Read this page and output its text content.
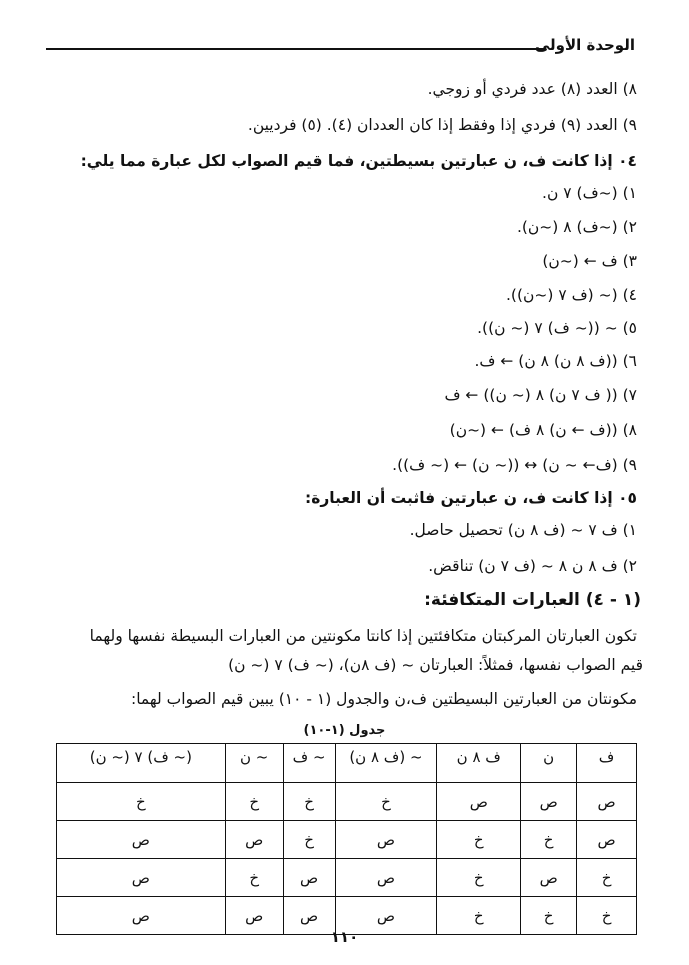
الوحدة الأولى
٨) العدد (٨) عدد فردي أو زوجي.
٩) العدد (٩) فردي إذا وفقط إذا كان العددان (٤). (٥) فرديين.
٠٤ إذا كانت ف، ن عبارتين بسيطتين، فما قيم الصواب لكل عبارة مما يلي:
١) (~ف) ٧ ن.
٢) (~ف) ٨ (~ن).
٣) ف ← (~ن)
٤) (~ (ف ٧ (~ن)).
٥) ~ ((~ ف) ٧ (~ ن)).
٦) ((ف ٨ ن) ٨ ن) ← ف.
٧) (( ف ٧ ن) ٨ (~ ن)) ← ف
٨) ((ف ← ن) ٨ ف) ← (~ن)
٩) (ف← ~ ن) ↔ ((~ ن) ← (~ ف)).
٠٥ إذا كانت ف، ن عبارتين فاثبت أن العبارة:
١) ف ٧ ~ (ف ٨ ن) تحصيل حاصل.
٢) ف ٨ ن ٨ ~ (ف ٧ ن) تناقض.
(١ - ٤) العبارات المتكافئة:
تكون العبارتان المركبتان متكافئتين إذا كانتا مكونتين من العبارات البسيطة نفسها ولهما
قيم الصواب نفسها، فمثلاً: العبارتان ~ (ف ٨ن)، (~ ف) ٧ (~ ن)
مكونتان من العبارتين البسيطتين ف،ن والجدول (١ - ١٠) يبين قيم الصواب لهما:
جدول (١-١٠)
ف	ن	ف ٨ ن	~ (ف ٨ ن)	~ ف	~ ن	(~ ف) ٧ (~ ن)
ص	ص	ص	خ	خ	خ	خ
ص	خ	خ	ص	خ	ص	ص
خ	ص	خ	ص	ص	خ	ص
خ	خ	خ	ص	ص	ص	ص
١١٠
